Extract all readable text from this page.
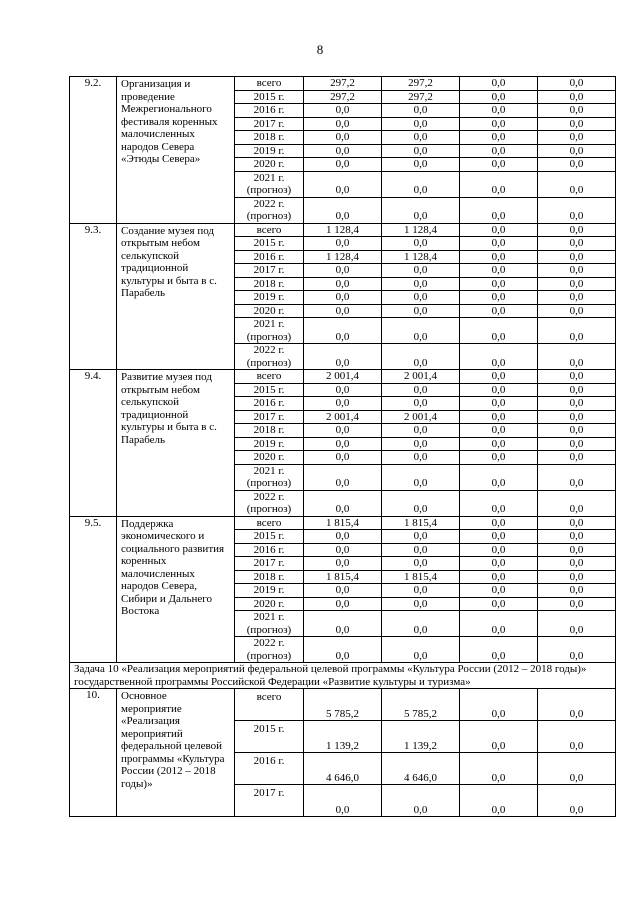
8
9.2.	Организация и проведение Межрегионального фестиваля коренных малочисленных народов Севера «Этюды Севера»	всего	297,2	297,2	0,0	0,0
		2015 г.	297,2	297,2	0,0	0,0
		2016 г.	0,0	0,0	0,0	0,0
		2017 г.	0,0	0,0	0,0	0,0
		2018 г.	0,0	0,0	0,0	0,0
		2019 г.	0,0	0,0	0,0	0,0
		2020 г.	0,0	0,0	0,0	0,0
		2021 г. (прогноз)	0,0	0,0	0,0	0,0
		2022 г. (прогноз)	0,0	0,0	0,0	0,0
9.3.	Создание музея под открытым небом селькупской традиционной культуры и быта в с. Парабель	всего	1 128,4	1 128,4	0,0	0,0
		2015 г.	0,0	0,0	0,0	0,0
		2016 г.	1 128,4	1 128,4	0,0	0,0
		2017 г.	0,0	0,0	0,0	0,0
		2018 г.	0,0	0,0	0,0	0,0
		2019 г.	0,0	0,0	0,0	0,0
		2020 г.	0,0	0,0	0,0	0,0
		2021 г. (прогноз)	0,0	0,0	0,0	0,0
		2022 г. (прогноз)	0,0	0,0	0,0	0,0
9.4.	Развитие музея под открытым небом селькупской традиционной культуры и быта в с. Парабель	всего	2 001,4	2 001,4	0,0	0,0
		2015 г.	0,0	0,0	0,0	0,0
		2016 г.	0,0	0,0	0,0	0,0
		2017 г.	2 001,4	2 001,4	0,0	0,0
		2018 г.	0,0	0,0	0,0	0,0
		2019 г.	0,0	0,0	0,0	0,0
		2020 г.	0,0	0,0	0,0	0,0
		2021 г. (прогноз)	0,0	0,0	0,0	0,0
		2022 г. (прогноз)	0,0	0,0	0,0	0,0
9.5.	Поддержка экономического и социального развития коренных малочисленных народов Севера, Сибири и Дальнего Востока	всего	1 815,4	1 815,4	0,0	0,0
		2015 г.	0,0	0,0	0,0	0,0
		2016 г.	0,0	0,0	0,0	0,0
		2017 г.	0,0	0,0	0,0	0,0
		2018 г.	1 815,4	1 815,4	0,0	0,0
		2019 г.	0,0	0,0	0,0	0,0
		2020 г.	0,0	0,0	0,0	0,0
		2021 г. (прогноз)	0,0	0,0	0,0	0,0
		2022 г. (прогноз)	0,0	0,0	0,0	0,0
Задача 10 «Реализация мероприятий федеральной целевой программы «Культура России (2012 – 2018 годы)» государственной программы Российской Федерации «Развитие культуры и туризма»						
10.	Основное мероприятие «Реализация мероприятий федеральной целевой программы «Культура России (2012 – 2018 годы)»	всего	5 785,2	5 785,2	0,0	0,0
		2015 г.	1 139,2	1 139,2	0,0	0,0
		2016 г.	4 646,0	4 646,0	0,0	0,0
		2017 г.	0,0	0,0	0,0	0,0
